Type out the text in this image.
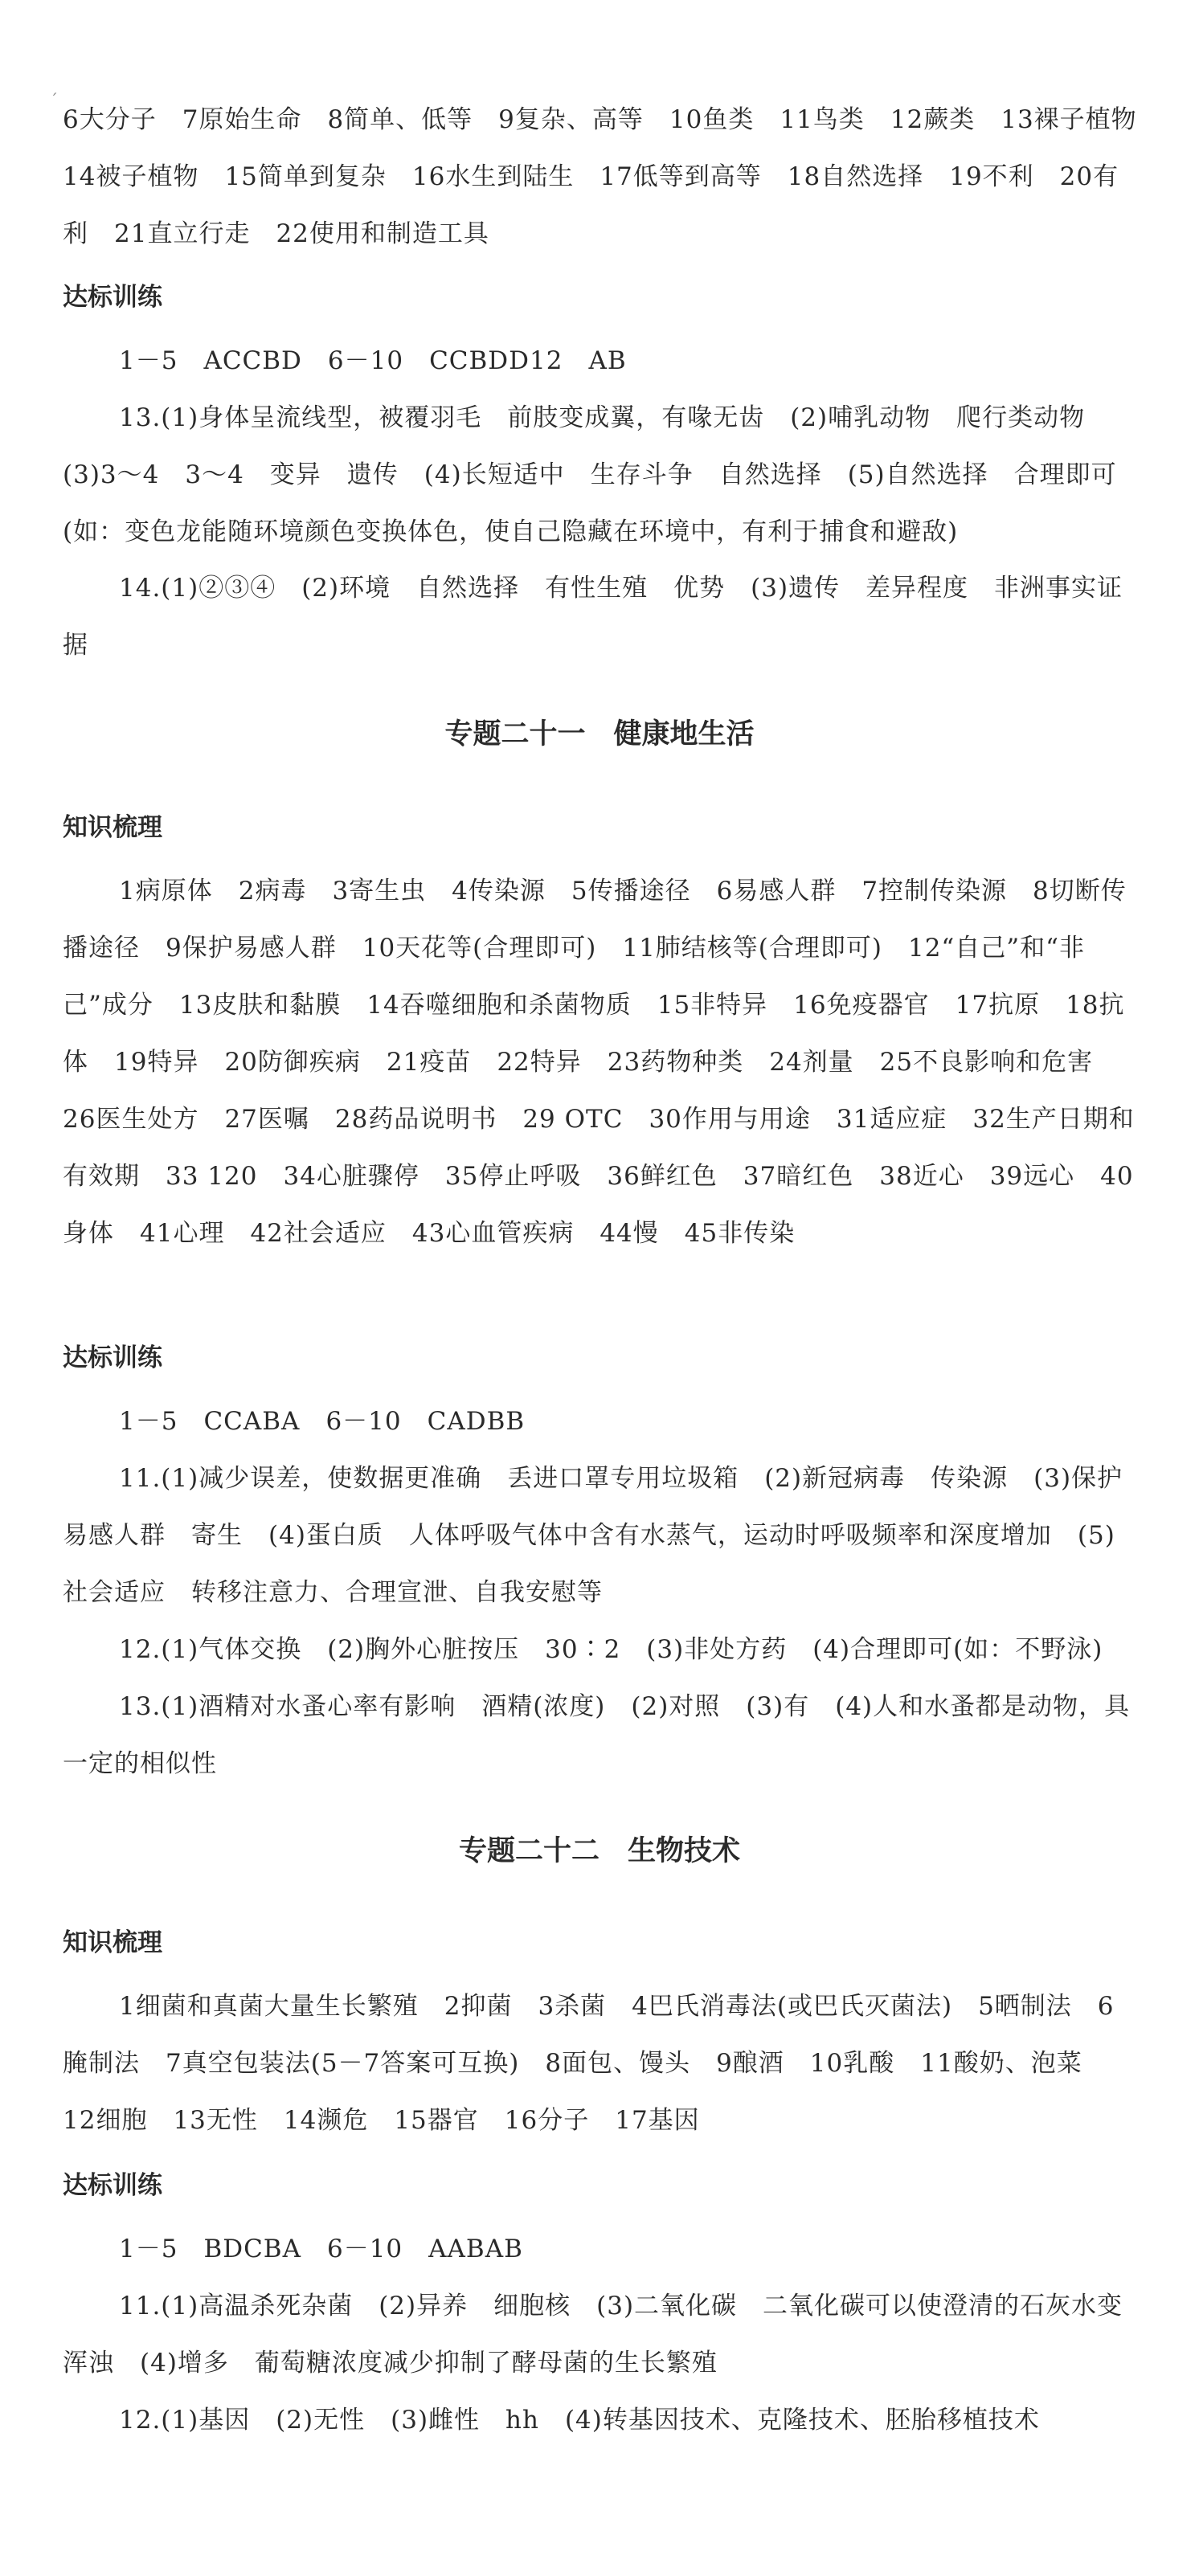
ˊ
6大分子　7原始生命　8简单、低等　9复杂、高等　10鱼类　11鸟类　12蕨类　13裸子植物　14被子植物　15简单到复杂　16水生到陆生　17低等到高等　18自然选择　19不利　20有利　21直立行走　22使用和制造工具
达标训练
1－5　ACCBD　6－10　CCBDD12　AB
13.(1)身体呈流线型，被覆羽毛　前肢变成翼，有喙无齿　(2)哺乳动物　爬行类动物　(3)3～4　3～4　变异　遗传　(4)长短适中　生存斗争　自然选择　(5)自然选择　合理即可(如：变色龙能随环境颜色变换体色，使自己隐藏在环境中，有利于捕食和避敌)
14.(1)②③④　(2)环境　自然选择　有性生殖　优势　(3)遗传　差异程度　非洲事实证据
专题二十一　健康地生活
知识梳理
1病原体　2病毒　3寄生虫　4传染源　5传播途径　6易感人群　7控制传染源　8切断传播途径　9保护易感人群　10天花等(合理即可)　11肺结核等(合理即可)　12“自己”和“非己”成分　13皮肤和黏膜　14吞噬细胞和杀菌物质　15非特异　16免疫器官　17抗原　18抗体　19特异　20防御疾病　21疫苗　22特异　23药物种类　24剂量　25不良影响和危害　26医生处方　27医嘱　28药品说明书　29 OTC　30作用与用途　31适应症　32生产日期和有效期　33 120　34心脏骤停　35停止呼吸　36鲜红色　37暗红色　38近心　39远心　40身体　41心理　42社会适应　43心血管疾病　44慢　45非传染
达标训练
1－5　CCABA　6－10　CADBB
11.(1)减少误差，使数据更准确　丢进口罩专用垃圾箱　(2)新冠病毒　传染源　(3)保护易感人群　寄生　(4)蛋白质　人体呼吸气体中含有水蒸气，运动时呼吸频率和深度增加　(5)社会适应　转移注意力、合理宣泄、自我安慰等
12.(1)气体交换　(2)胸外心脏按压　30∶2　(3)非处方药　(4)合理即可(如：不野泳)
13.(1)酒精对水蚤心率有影响　酒精(浓度)　(2)对照　(3)有　(4)人和水蚤都是动物，具一定的相似性
专题二十二　生物技术
知识梳理
1细菌和真菌大量生长繁殖　2抑菌　3杀菌　4巴氏消毒法(或巴氏灭菌法)　5晒制法　6腌制法　7真空包装法(5－7答案可互换)　8面包、馒头　9酿酒　10乳酸　11酸奶、泡菜　12细胞　13无性　14濒危　15器官　16分子　17基因
达标训练
1－5　BDCBA　6－10　AABAB
11.(1)高温杀死杂菌　(2)异养　细胞核　(3)二氧化碳　二氧化碳可以使澄清的石灰水变浑浊　(4)增多　葡萄糖浓度减少抑制了酵母菌的生长繁殖
12.(1)基因　(2)无性　(3)雌性　hh　(4)转基因技术、克隆技术、胚胎移植技术
